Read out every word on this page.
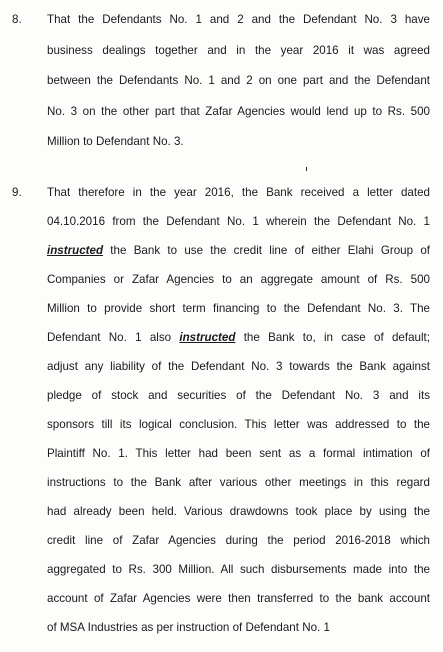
8. That the Defendants No. 1 and 2 and the Defendant No. 3 have
business dealings together and in the year 2016 it was agreed
between the Defendants No. 1 and 2 on one part and the Defendant
No. 3 on the other part that Zafar Agencies would lend up to Rs. 500
Million to Defendant No. 3.
9. That therefore in the year 2016, the Bank received a letter dated
04.10.2016 from the Defendant No. 1 wherein the Defendant No. 1
instructed the Bank to use the credit line of either Elahi Group of
Companies or Zafar Agencies to an aggregate amount of Rs. 500
Million to provide short term financing to the Defendant No. 3. The
Defendant No. 1 also instructed the Bank to, in case of default;
adjust any liability of the Defendant No. 3 towards the Bank against
pledge of stock and securities of the Defendant No. 3 and its
sponsors till its logical conclusion. This letter was addressed to the
Plaintiff No. 1. This letter had been sent as a formal intimation of
instructions to the Bank after various other meetings in this regard
had already been held. Various drawdowns took place by using the
credit line of Zafar Agencies during the period 2016-2018 which
aggregated to Rs. 300 Million. All such disbursements made into the
account of Zafar Agencies were then transferred to the bank account
of MSA Industries as per instruction of Defendant No. 1
